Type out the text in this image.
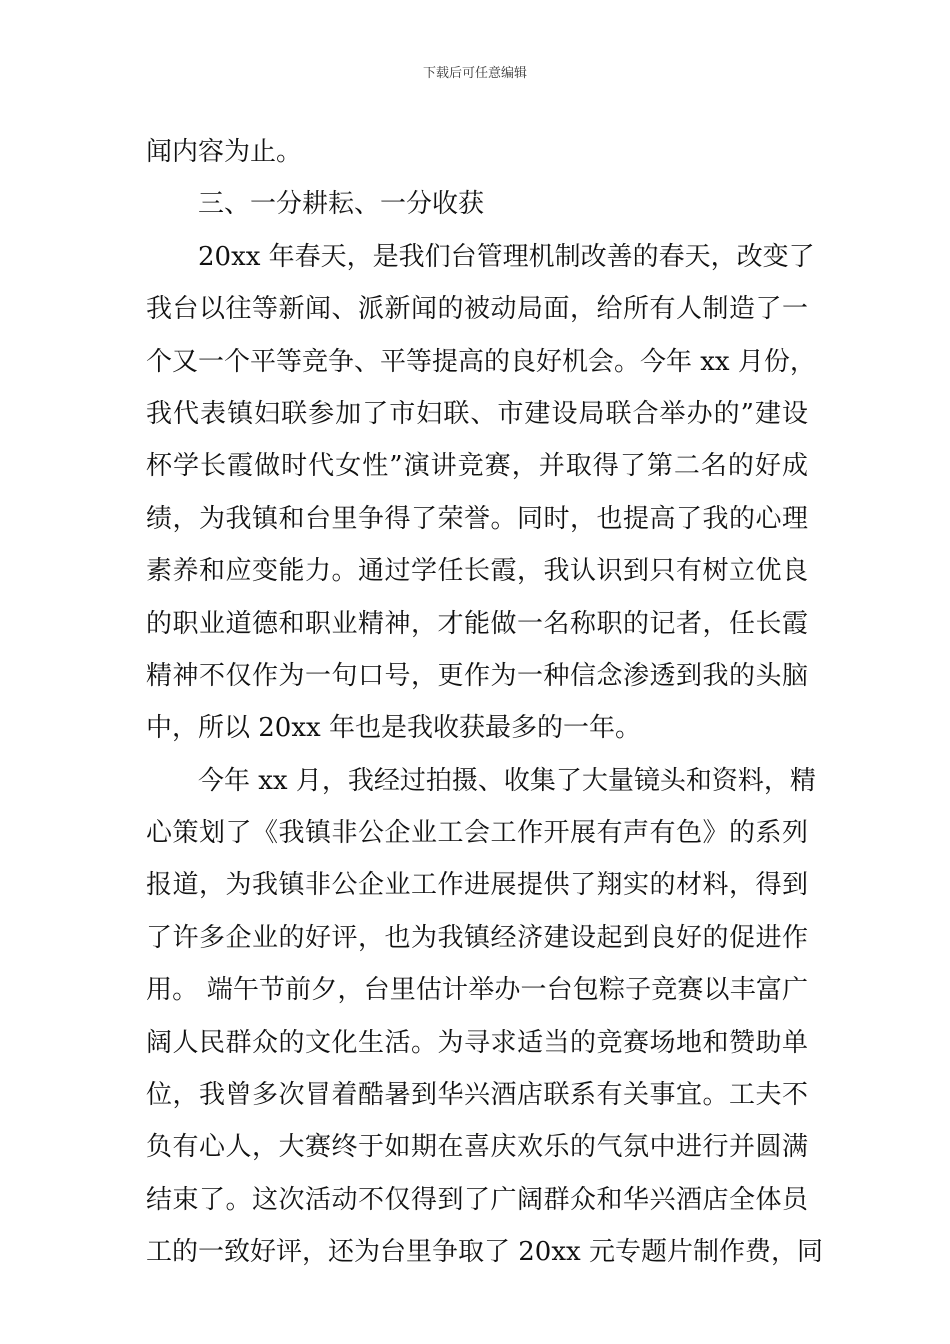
下载后可任意编辑
闻内容为止。
三、一分耕耘、一分收获
20xx 年春天，是我们台管理机制改善的春天，改变了
我台以往等新闻、派新闻的被动局面，给所有人制造了一
个又一个平等竞争、平等提高的良好机会。今年 xx 月份，
我代表镇妇联参加了市妇联、市建设局联合举办的”建设
杯学长霞做时代女性”演讲竞赛，并取得了第二名的好成
绩，为我镇和台里争得了荣誉。同时，也提高了我的心理
素养和应变能力。通过学任长霞，我认识到只有树立优良
的职业道德和职业精神，才能做一名称职的记者，任长霞
精神不仅作为一句口号，更作为一种信念渗透到我的头脑
中，所以 20xx 年也是我收获最多的一年。
今年 xx 月，我经过拍摄、收集了大量镜头和资料，精
心策划了《我镇非公企业工会工作开展有声有色》的系列
报道，为我镇非公企业工作进展提供了翔实的材料，得到
了许多企业的好评，也为我镇经济建设起到良好的促进作
用。 端午节前夕，台里估计举办一台包粽子竞赛以丰富广
阔人民群众的文化生活。为寻求适当的竞赛场地和赞助单
位，我曾多次冒着酷暑到华兴酒店联系有关事宜。工夫不
负有心人，大赛终于如期在喜庆欢乐的气氛中进行并圆满
结束了。这次活动不仅得到了广阔群众和华兴酒店全体员
工的一致好评，还为台里争取了 20xx 元专题片制作费，同
